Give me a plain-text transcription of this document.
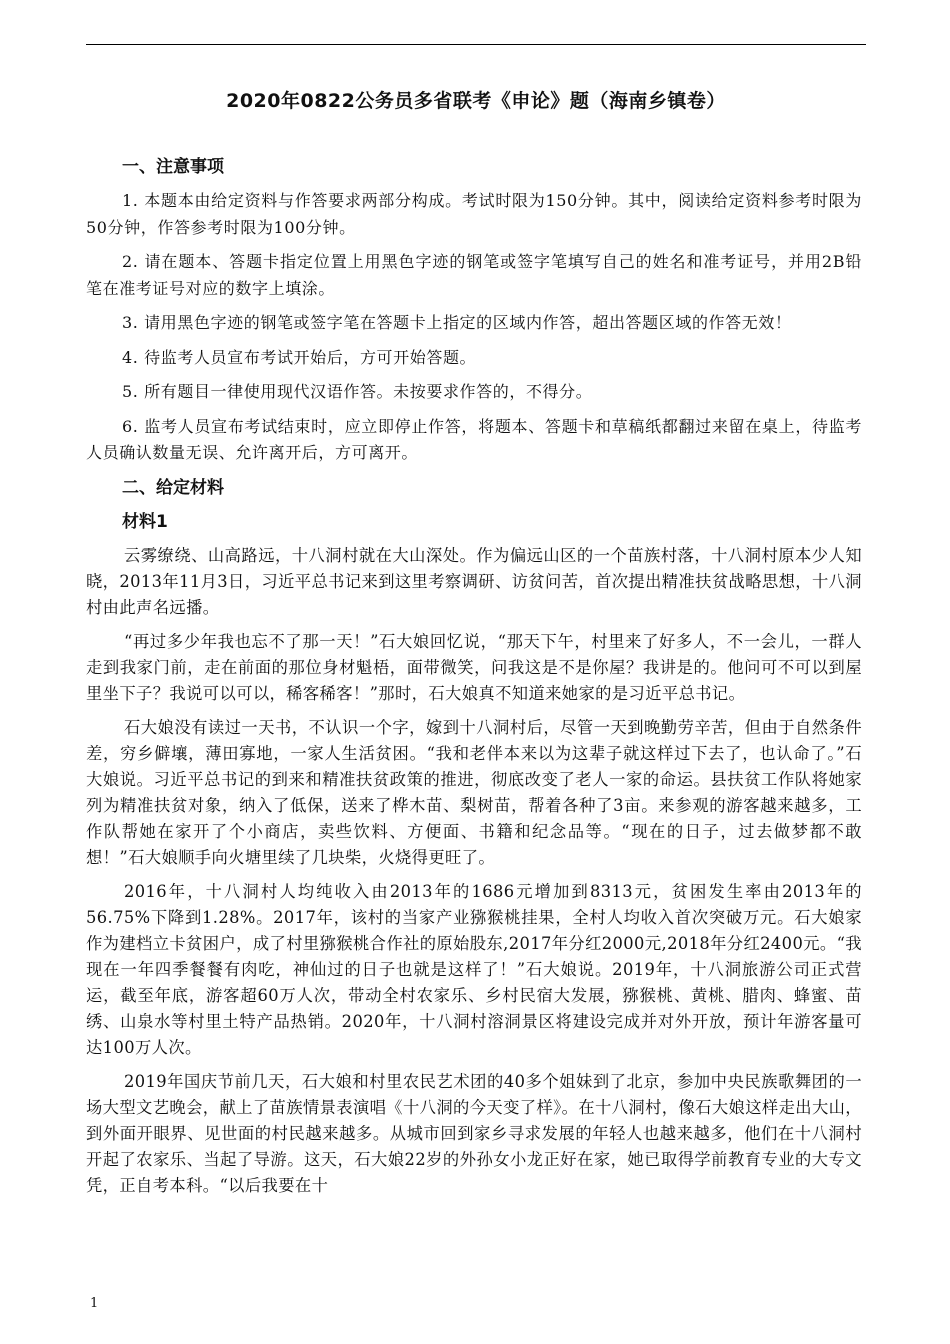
2020年0822公务员多省联考《申论》题（海南乡镇卷）
一、注意事项

1. 本题本由给定资料与作答要求两部分构成。考试时限为150分钟。其中，阅读给定资料参考时限为50分钟，作答参考时限为100分钟。

2. 请在题本、答题卡指定位置上用黑色字迹的钢笔或签字笔填写自己的姓名和准考证号，并用2B铅笔在准考证号对应的数字上填涂。

3. 请用黑色字迹的钢笔或签字笔在答题卡上指定的区域内作答，超出答题区域的作答无效！

4. 待监考人员宣布考试开始后，方可开始答题。

5. 所有题目一律使用现代汉语作答。未按要求作答的，不得分。

6. 监考人员宣布考试结束时，应立即停止作答，将题本、答题卡和草稿纸都翻过来留在桌上，待监考人员确认数量无误、允许离开后，方可离开。

二、给定材料
材料1

云雾缭绕、山高路远，十八洞村就在大山深处。作为偏远山区的一个苗族村落，十八洞村原本少人知晓，2013年11月3日，习近平总书记来到这里考察调研、访贫问苦，首次提出精准扶贫战略思想，十八洞村由此声名远播。

“再过多少年我也忘不了那一天！”石大娘回忆说，“那天下午，村里来了好多人，不一会儿，一群人走到我家门前，走在前面的那位身材魁梧，面带微笑，问我这是不是你屋？我讲是的。他问可不可以到屋里坐下子？我说可以可以，稀客稀客！”那时，石大娘真不知道来她家的是习近平总书记。

石大娘没有读过一天书，不认识一个字，嫁到十八洞村后，尽管一天到晚勤劳辛苦，但由于自然条件差，穷乡僻壤，薄田寡地，一家人生活贫困。“我和老伴本来以为这辈子就这样过下去了，也认命了。”石大娘说。习近平总书记的到来和精准扶贫政策的推进，彻底改变了老人一家的命运。县扶贫工作队将她家列为精准扶贫对象，纳入了低保，送来了桦木苗、梨树苗，帮着各种了3亩。来参观的游客越来越多，工作队帮她在家开了个小商店，卖些饮料、方便面、书籍和纪念品等。“现在的日子，过去做梦都不敢想！”石大娘顺手向火塘里续了几块柴，火烧得更旺了。

2016年，十八洞村人均纯收入由2013年的1686元增加到8313元，贫困发生率由2013年的56.75%下降到1.28%。2017年，该村的当家产业猕猴桃挂果，全村人均收入首次突破万元。石大娘家作为建档立卡贫困户，成了村里猕猴桃合作社的原始股东,2017年分红2000元,2018年分红2400元。“我现在一年四季餐餐有肉吃，神仙过的日子也就是这样了！”石大娘说。2019年，十八洞旅游公司正式营运，截至年底，游客超60万人次，带动全村农家乐、乡村民宿大发展，猕猴桃、黄桃、腊肉、蜂蜜、苗绣、山泉水等村里土特产品热销。2020年，十八洞村溶洞景区将建设完成并对外开放，预计年游客量可达100万人次。

2019年国庆节前几天，石大娘和村里农民艺术团的40多个姐妹到了北京，参加中央民族歌舞团的一场大型文艺晚会，献上了苗族情景表演唱《十八洞的今天变了样》。在十八洞村，像石大娘这样走出大山，到外面开眼界、见世面的村民越来越多。从城市回到家乡寻求发展的年轻人也越来越多，他们在十八洞村开起了农家乐、当起了导游。这天，石大娘22岁的外孙女小龙正好在家，她已取得学前教育专业的大专文凭，正自考本科。“以后我要在十

1
